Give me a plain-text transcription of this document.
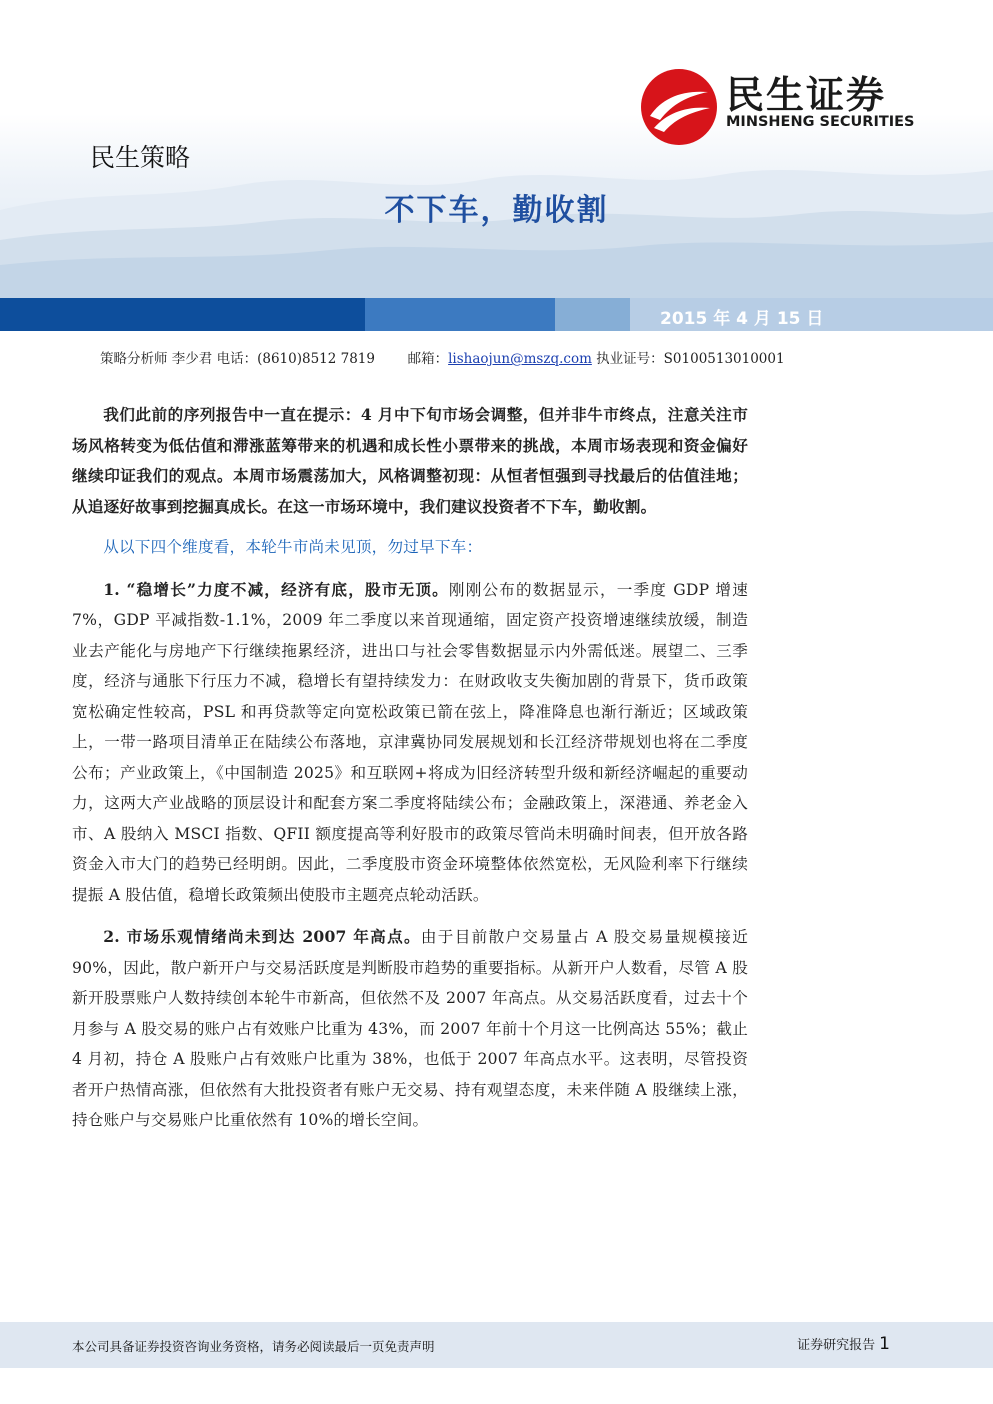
民生证券
MINSHENG SECURITIES
民生策略
不下车，勤收割
2015 年 4 月 15 日
策略分析师 李少君 电话：(8610)8512 7819 邮箱：lishaojun@mszq.com 执业证号：S0100513010001

我们此前的序列报告中一直在提示：4 月中下旬市场会调整，但并非牛市终点，注意关注市场风格转变为低估值和滞涨蓝筹带来的机遇和成长性小票带来的挑战，本周市场表现和资金偏好继续印证我们的观点。本周市场震荡加大，风格调整初现：从恒者恒强到寻找最后的估值洼地；从追逐好故事到挖掘真成长。在这一市场环境中，我们建议投资者不下车，勤收割。

从以下四个维度看，本轮牛市尚未见顶，勿过早下车：

1. “稳增长”力度不减，经济有底，股市无顶。刚刚公布的数据显示，一季度 GDP 增速 7%，GDP 平减指数-1.1%，2009 年二季度以来首现通缩，固定资产投资增速继续放缓，制造业去产能化与房地产下行继续拖累经济，进出口与社会零售数据显示内外需低迷。展望二、三季度，经济与通胀下行压力不减，稳增长有望持续发力：在财政收支失衡加剧的背景下，货币政策宽松确定性较高，PSL 和再贷款等定向宽松政策已箭在弦上，降准降息也渐行渐近；区域政策上，一带一路项目清单正在陆续公布落地，京津冀协同发展规划和长江经济带规划也将在二季度公布；产业政策上，《中国制造 2025》和互联网+将成为旧经济转型升级和新经济崛起的重要动力，这两大产业战略的顶层设计和配套方案二季度将陆续公布；金融政策上，深港通、养老金入市、A 股纳入 MSCI 指数、QFII 额度提高等利好股市的政策尽管尚未明确时间表，但开放各路资金入市大门的趋势已经明朗。因此，二季度股市资金环境整体依然宽松，无风险利率下行继续提振 A 股估值，稳增长政策频出使股市主题亮点轮动活跃。

2. 市场乐观情绪尚未到达 2007 年高点。由于目前散户交易量占 A 股交易量规模接近 90%，因此，散户新开户与交易活跃度是判断股市趋势的重要指标。从新开户人数看，尽管 A 股新开股票账户人数持续创本轮牛市新高，但依然不及 2007 年高点。从交易活跃度看，过去十个月参与 A 股交易的账户占有效账户比重为 43%，而 2007 年前十个月这一比例高达 55%；截止 4 月初，持仓 A 股账户占有效账户比重为 38%，也低于 2007 年高点水平。这表明，尽管投资者开户热情高涨，但依然有大批投资者有账户无交易、持有观望态度，未来伴随 A 股继续上涨，持仓账户与交易账户比重依然有 10%的增长空间。

本公司具备证券投资咨询业务资格，请务必阅读最后一页免责声明	证券研究报告 1
